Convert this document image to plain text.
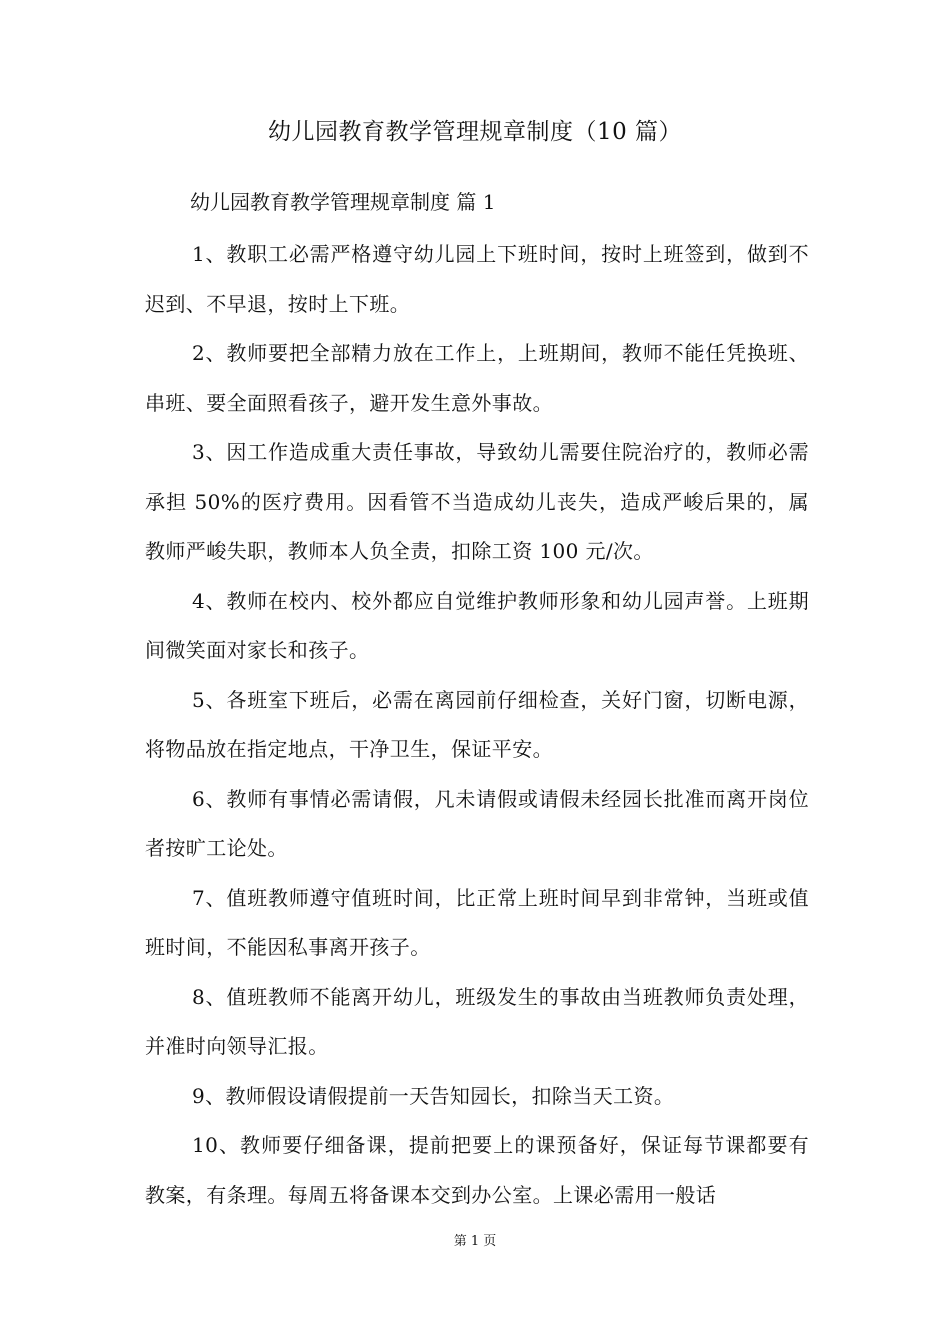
幼儿园教育教学管理规章制度（10 篇）
幼儿园教育教学管理规章制度 篇 1

1、教职工必需严格遵守幼儿园上下班时间，按时上班签到，做到不迟到、不早退，按时上下班。

2、教师要把全部精力放在工作上，上班期间，教师不能任凭换班、串班、要全面照看孩子，避开发生意外事故。

3、因工作造成重大责任事故，导致幼儿需要住院治疗的，教师必需承担 50%的医疗费用。因看管不当造成幼儿丧失，造成严峻后果的，属教师严峻失职，教师本人负全责，扣除工资 100 元/次。

4、教师在校内、校外都应自觉维护教师形象和幼儿园声誉。上班期间微笑面对家长和孩子。

5、各班室下班后，必需在离园前仔细检查，关好门窗，切断电源，将物品放在指定地点，干净卫生，保证平安。

6、教师有事情必需请假，凡未请假或请假未经园长批准而离开岗位者按旷工论处。

7、值班教师遵守值班时间，比正常上班时间早到非常钟，当班或值班时间，不能因私事离开孩子。

8、值班教师不能离开幼儿，班级发生的事故由当班教师负责处理，并准时向领导汇报。

9、教师假设请假提前一天告知园长，扣除当天工资。

10、教师要仔细备课，提前把要上的课预备好，保证每节课都要有教案，有条理。每周五将备课本交到办公室。上课必需用一般话

第 1 页
